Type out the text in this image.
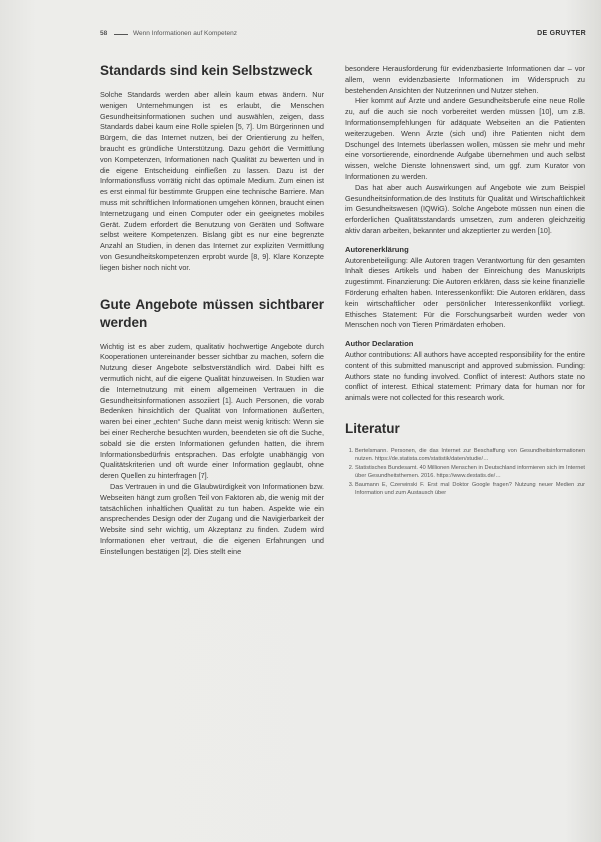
58	Wenn Informationen auf Kompetenz	DE GRUYTER
Standards sind kein Selbstzweck

Solche Standards werden aber allein kaum etwas ändern. Nur wenigen Unternehmungen ist es erlaubt, die Menschen Gesundheitsinformationen suchen und auswählen, zeigen, dass Standards dabei kaum eine Rolle spielen [5, 7]. Um Bürgerinnen und Bürgern, die das Internet nutzen, bei der Orientierung zu helfen, braucht es gründliche Unterstützung. Dazu gehört die Vermittlung von Kompetenzen, Informationen nach Qualität zu bewerten und in die eigene Entscheidung einfließen zu lassen. Dazu ist der Informationsfluss vorrätig nicht das optimale Medium. Zum einen ist es erst einmal für bestimmte Gruppen eine technische Barriere. Man muss mit schriftlichen Informationen umgehen können, braucht einen Internetzugang und einen Computer oder ein geeignetes mobiles Gerät. Zudem erfordert die Benutzung von Geräten und Software selbst weitere Kompetenzen. Bislang gibt es nur eine begrenzte Anzahl an Studien, in denen das Internet zur expliziten Vermittlung von Gesundheitskompetenzen erprobt wurde [8, 9]. Klare Konzepte liegen bisher noch nicht vor.

Gute Angebote müssen sichtbarer werden

Wichtig ist es aber zudem, qualitativ hochwertige Angebote durch Kooperationen untereinander besser sichtbar zu machen, sofern die Nutzung dieser Angebote selbstverständlich wird. Dabei hilft es vermutlich nicht, auf die eigene Qualität hinzuweisen. In Studien war die Internetnutzung mit einem allgemeinen Vertrauen in die Gesundheitsinformationen assoziiert [1]. Auch Personen, die vorab Bedenken hinsichtlich der Qualität von Informationen äußerten, waren bei einer „echten“ Suche dann meist wenig kritisch: Wenn sie bei einer Recherche besuchten wurden, beendeten sie oft die Suche, sobald sie die ersten Informationen gefunden hatten, die ihrem Informationsbedürfnis entsprachen. Das erfolgte unabhängig von Qualitätskriterien und oft wurde einer Information geglaubt, ohne deren Quellen zu hinterfragen [7].

Das Vertrauen in und die Glaubwürdigkeit von Informationen bzw. Webseiten hängt zum großen Teil von Faktoren ab, die wenig mit der tatsächlichen inhaltlichen Qualität zu tun haben. Aspekte wie ein ansprechendes Design oder der Zugang und die Navigierbarkeit der Website sind sehr wichtig, um Akzeptanz zu finden. Zudem wird Informationen eher vertraut, die die eigenen Erfahrungen und Einstellungen bestätigen [2]. Dies stellt eine

besondere Herausforderung für evidenzbasierte Informationen dar – vor allem, wenn evidenzbasierte Informationen im Widerspruch zu bestehenden Ansichten der Nutzerinnen und Nutzer stehen.

Hier kommt auf Ärzte und andere Gesundheitsberufe eine neue Rolle zu, auf die auch sie noch vorbereitet werden müssen [10], um z.B. Informationsempfehlungen für adäquate Webseiten an die Patienten weiterzugeben. Wenn Ärzte (sich und) ihre Patienten nicht dem Dschungel des Internets überlassen wollen, müssen sie mehr und mehr eine vorsortierende, einordnende Aufgabe übernehmen und auch selbst wissen, welche Dienste lohnenswert sind, um ggf. zum Kurator von Informationen zu werden.

Das hat aber auch Auswirkungen auf Angebote wie zum Beispiel Gesundheitsinformation.de des Instituts für Qualität und Wirtschaftlichkeit im Gesundheitswesen (IQWiG). Solche Angebote müssen nun einen die erforderlichen Qualitätsstandards umsetzen, zum anderen gleichzeitig aktiv daran arbeiten, bekannter und akzeptierter zu werden [10].

Autorenerklärung

Autorenbeteiligung: Alle Autoren tragen Verantwortung für den gesamten Inhalt dieses Artikels und haben der Einreichung des Manuskripts zugestimmt. Finanzierung: Die Autoren erklären, dass sie keine finanzielle Förderung erhalten haben. Interessenkonflikt: Die Autoren erklären, dass kein wirtschaftlicher oder persönlicher Interessenkonflikt vorliegt. Ethisches Statement: Für die Forschungsarbeit wurden weder von Menschen noch von Tieren Primärdaten erhoben.

Author Declaration

Author contributions: All authors have accepted responsibility for the entire content of this submitted manuscript and approved submission. Funding: Authors state no funding involved. Conflict of interest: Authors state no conflict of interest. Ethical statement: Primary data for human nor for animals were not collected for this research work.

Literatur
1. Bertelsmann. Personen, die das Internet zur Beschaffung von Gesundheitsinformationen nutzen. https://de.statista.com/statistik/daten/studie/…
2. Statistisches Bundesamt. 40 Millionen Menschen in Deutschland informieren sich im Internet über Gesundheitsthemen. 2016. https://www.destatis.de/…
3. Baumann E, Czerwinski F. Erst mal Doktor Google fragen? Nutzung neuer Medien zur Information und zum Austausch über
